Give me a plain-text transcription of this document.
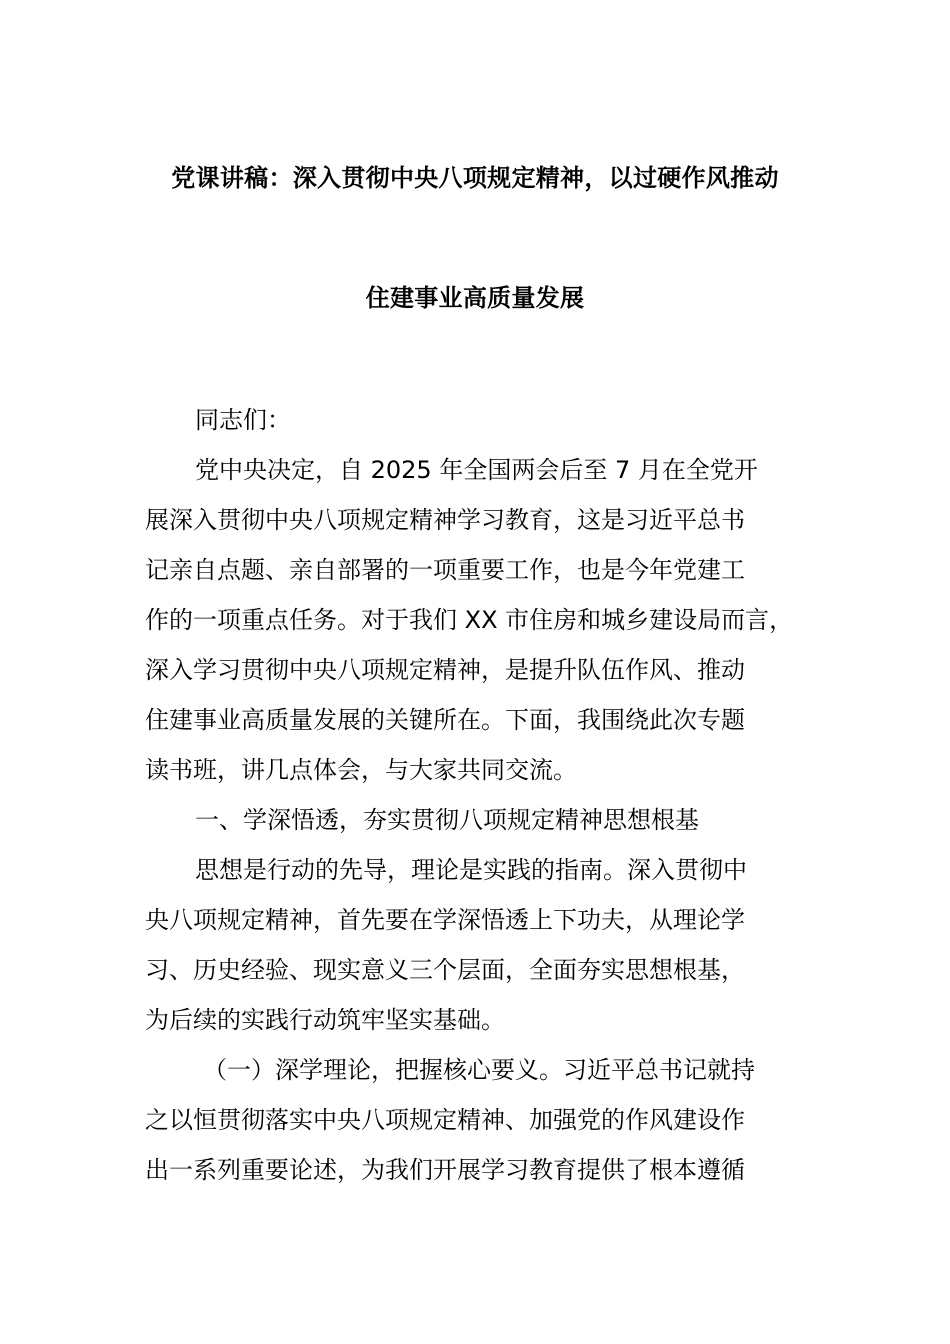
党课讲稿：深入贯彻中央八项规定精神，以过硬作风推动
住建事业高质量发展
同志们：
党中央决定，自 2025 年全国两会后至 7 月在全党开
展深入贯彻中央八项规定精神学习教育，这是习近平总书
记亲自点题、亲自部署的一项重要工作，也是今年党建工
作的一项重点任务。对于我们 XX 市住房和城乡建设局而言，
深入学习贯彻中央八项规定精神，是提升队伍作风、推动
住建事业高质量发展的关键所在。下面，我围绕此次专题
读书班，讲几点体会，与大家共同交流。
一、学深悟透，夯实贯彻八项规定精神思想根基
思想是行动的先导，理论是实践的指南。深入贯彻中
央八项规定精神，首先要在学深悟透上下功夫，从理论学
习、历史经验、现实意义三个层面，全面夯实思想根基，
为后续的实践行动筑牢坚实基础。
（一）深学理论，把握核心要义。习近平总书记就持
之以恒贯彻落实中央八项规定精神、加强党的作风建设作
出一系列重要论述，为我们开展学习教育提供了根本遵循
